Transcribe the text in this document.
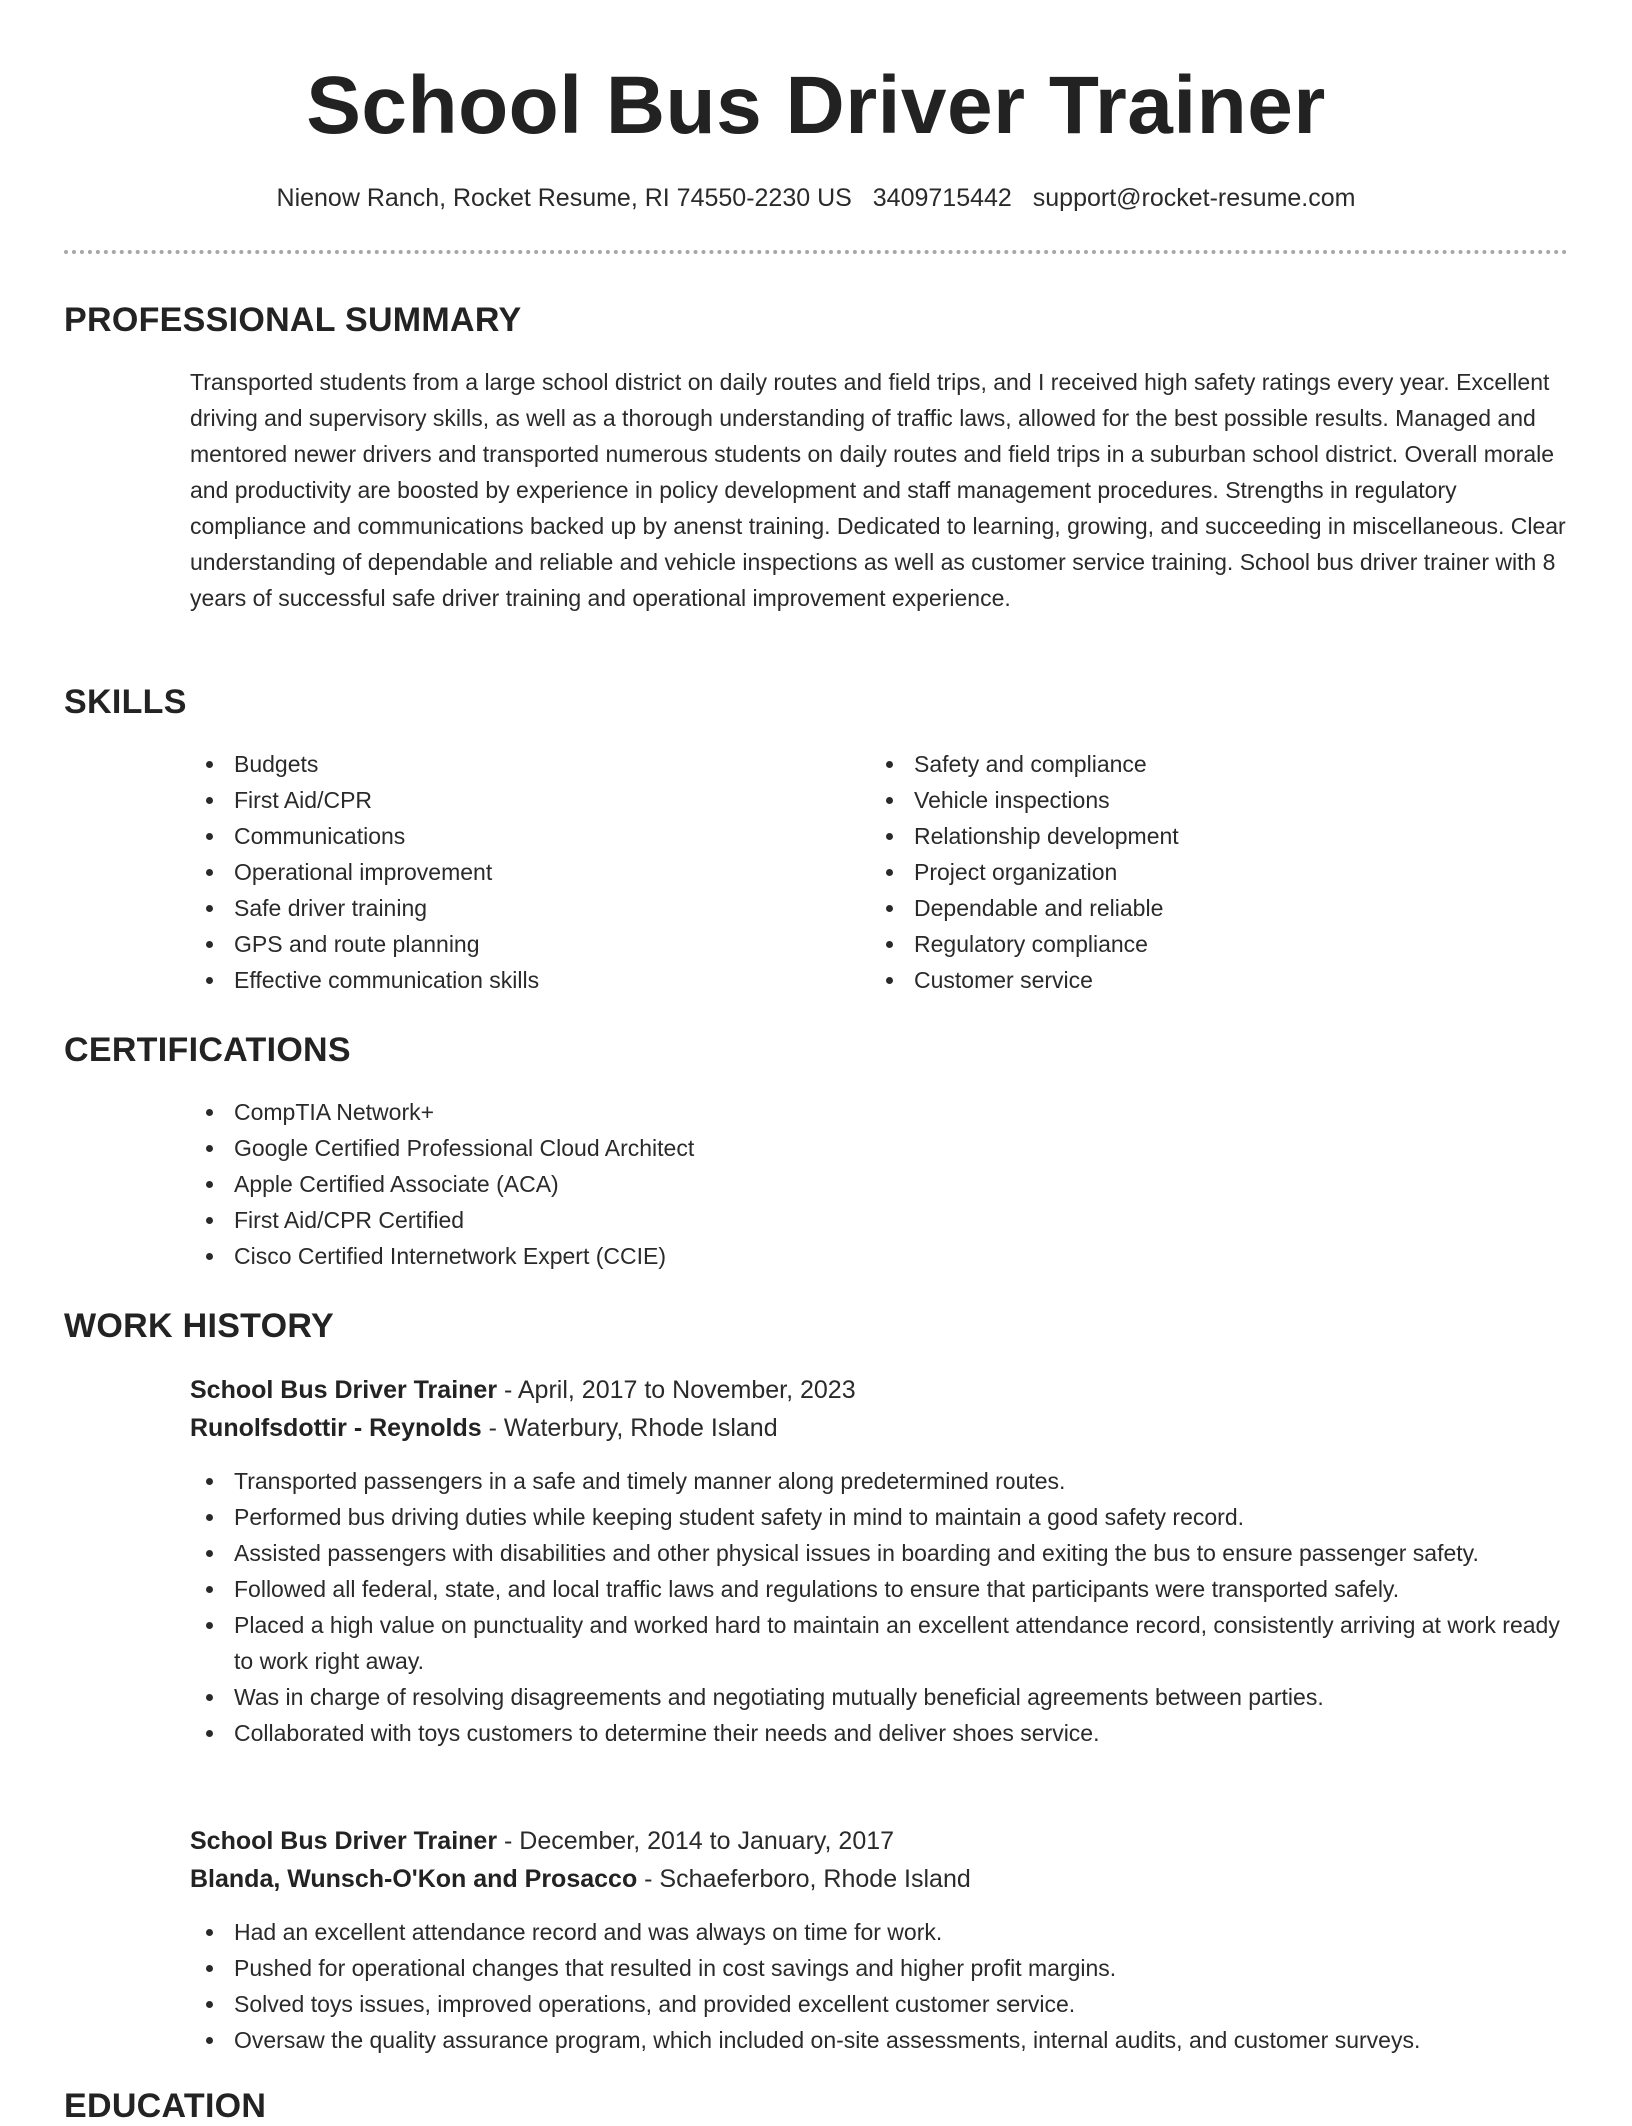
School Bus Driver Trainer
Nienow Ranch, Rocket Resume, RI 74550-2230 US 3409715442 support@rocket-resume.com
PROFESSIONAL SUMMARY
Transported students from a large school district on daily routes and field trips, and I received high safety ratings every year. Excellent driving and supervisory skills, as well as a thorough understanding of traffic laws, allowed for the best possible results. Managed and mentored newer drivers and transported numerous students on daily routes and field trips in a suburban school district. Overall morale and productivity are boosted by experience in policy development and staff management procedures. Strengths in regulatory compliance and communications backed up by anenst training. Dedicated to learning, growing, and succeeding in miscellaneous. Clear understanding of dependable and reliable and vehicle inspections as well as customer service training. School bus driver trainer with 8 years of successful safe driver training and operational improvement experience.
SKILLS
Budgets
First Aid/CPR
Communications
Operational improvement
Safe driver training
GPS and route planning
Effective communication skills
Safety and compliance
Vehicle inspections
Relationship development
Project organization
Dependable and reliable
Regulatory compliance
Customer service
CERTIFICATIONS
CompTIA Network+
Google Certified Professional Cloud Architect
Apple Certified Associate (ACA)
First Aid/CPR Certified
Cisco Certified Internetwork Expert (CCIE)
WORK HISTORY
School Bus Driver Trainer - April, 2017 to November, 2023
Runolfsdottir - Reynolds - Waterbury, Rhode Island
Transported passengers in a safe and timely manner along predetermined routes.
Performed bus driving duties while keeping student safety in mind to maintain a good safety record.
Assisted passengers with disabilities and other physical issues in boarding and exiting the bus to ensure passenger safety.
Followed all federal, state, and local traffic laws and regulations to ensure that participants were transported safely.
Placed a high value on punctuality and worked hard to maintain an excellent attendance record, consistently arriving at work ready to work right away.
Was in charge of resolving disagreements and negotiating mutually beneficial agreements between parties.
Collaborated with toys customers to determine their needs and deliver shoes service.
School Bus Driver Trainer - December, 2014 to January, 2017
Blanda, Wunsch-O'Kon and Prosacco - Schaeferboro, Rhode Island
Had an excellent attendance record and was always on time for work.
Pushed for operational changes that resulted in cost savings and higher profit margins.
Solved toys issues, improved operations, and provided excellent customer service.
Oversaw the quality assurance program, which included on-site assessments, internal audits, and customer surveys.
EDUCATION
